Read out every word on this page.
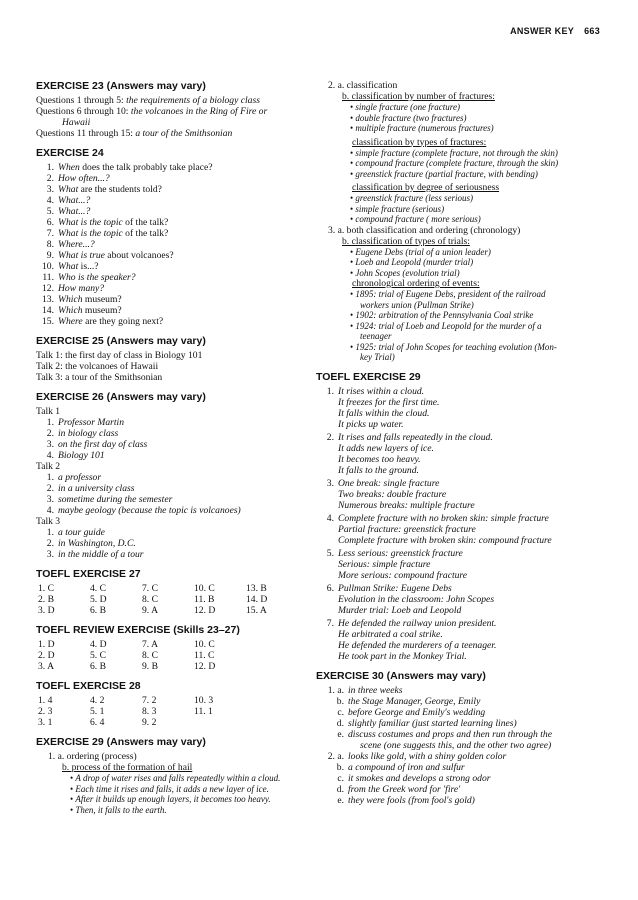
ANSWER KEY 663
EXERCISE 23 (Answers may vary)
Questions 1 through 5: the requirements of a biology class
Questions 6 through 10: the volcanoes in the Ring of Fire or
Hawaii
Questions 11 through 15: a tour of the Smithsonian
EXERCISE 24
1. When does the talk probably take place?
2. How often...?
3. What are the students told?
4. What...?
5. What...?
6. What is the topic of the talk?
7. What is the topic of the talk?
8. Where...?
9. What is true about volcanoes?
10. What is...?
11. Who is the speaker?
12. How many?
13. Which museum?
14. Which museum?
15. Where are they going next?
EXERCISE 25 (Answers may vary)
Talk 1: the first day of class in Biology 101
Talk 2: the volcanoes of Hawaii
Talk 3: a tour of the Smithsonian
EXERCISE 26 (Answers may vary)
Talk 1
1. Professor Martin
2. in biology class
3. on the first day of class
4. Biology 101
Talk 2
1. a professor
2. in a university class
3. sometime during the semester
4. maybe geology (because the topic is volcanoes)
Talk 3
1. a tour guide
2. in Washington, D.C.
3. in the middle of a tour
TOEFL EXERCISE 27
1. C	4. C	7. C	10. C	13. B
2. B	5. D	8. C	11. B	14. D
3. D	6. B	9. A	12. D	15. A
TOEFL REVIEW EXERCISE (Skills 23–27)
1. D	4. D	7. A	10. C
2. D	5. C	8. C	11. C
3. A	6. B	9. B	12. D
TOEFL EXERCISE 28
1. 4	4. 2	7. 2	10. 3
2. 3	5. 1	8. 3	11. 1
3. 1	6. 4	9. 2
EXERCISE 29 (Answers may vary)
1. a. ordering (process)
b. process of the formation of hail
• A drop of water rises and falls repeatedly within a cloud.
• Each time it rises and falls, it adds a new layer of ice.
• After it builds up enough layers, it becomes too heavy.
• Then, it falls to the earth.
2. a. classification
b. classification by number of fractures:
• single fracture (one fracture)
• double fracture (two fractures)
• multiple fracture (numerous fractures)
classification by types of fractures:
• simple fracture (complete fracture, not through the skin)
• compound fracture (complete fracture, through the skin)
• greenstick fracture (partial fracture, with bending)
classification by degree of seriousness
• greenstick fracture (less serious)
• simple fracture (serious)
• compound fracture ( more serious)
3. a. both classification and ordering (chronology)
b. classification of types of trials:
• Eugene Debs (trial of a union leader)
• Loeb and Leopold (murder trial)
• John Scopes (evolution trial)
chronological ordering of events:
• 1895: trial of Eugene Debs, president of the railroad
workers union (Pullman Strike)
• 1902: arbitration of the Pennsylvania Coal strike
• 1924: trial of Loeb and Leopold for the murder of a
teenager
• 1925: trial of John Scopes for teaching evolution (Mon-
key Trial)
TOEFL EXERCISE 29
1. It rises within a cloud.
It freezes for the first time.
It falls within the cloud.
It picks up water.
2. It rises and falls repeatedly in the cloud.
It adds new layers of ice.
It becomes too heavy.
It falls to the ground.
3. One break: single fracture
Two breaks: double fracture
Numerous breaks: multiple fracture
4. Complete fracture with no broken skin: simple fracture
Partial fracture: greenstick fracture
Complete fracture with broken skin: compound fracture
5. Less serious: greenstick fracture
Serious: simple fracture
More serious: compound fracture
6. Pullman Strike: Eugene Debs
Evolution in the classroom: John Scopes
Murder trial: Loeb and Leopold
7. He defended the railway union president.
He arbitrated a coal strike.
He defended the murderers of a teenager.
He took part in the Monkey Trial.
EXERCISE 30 (Answers may vary)
1. a. in three weeks
b. the Stage Manager, George, Emily
c. before George and Emily's wedding
d. slightly familiar (just started learning lines)
e. discuss costumes and props and then run through the
scene (one suggests this, and the other two agree)
2. a. looks like gold, with a shiny golden color
b. a compound of iron and sulfur
c. it smokes and develops a strong odor
d. from the Greek word for 'fire'
e. they were fools (from fool's gold)
